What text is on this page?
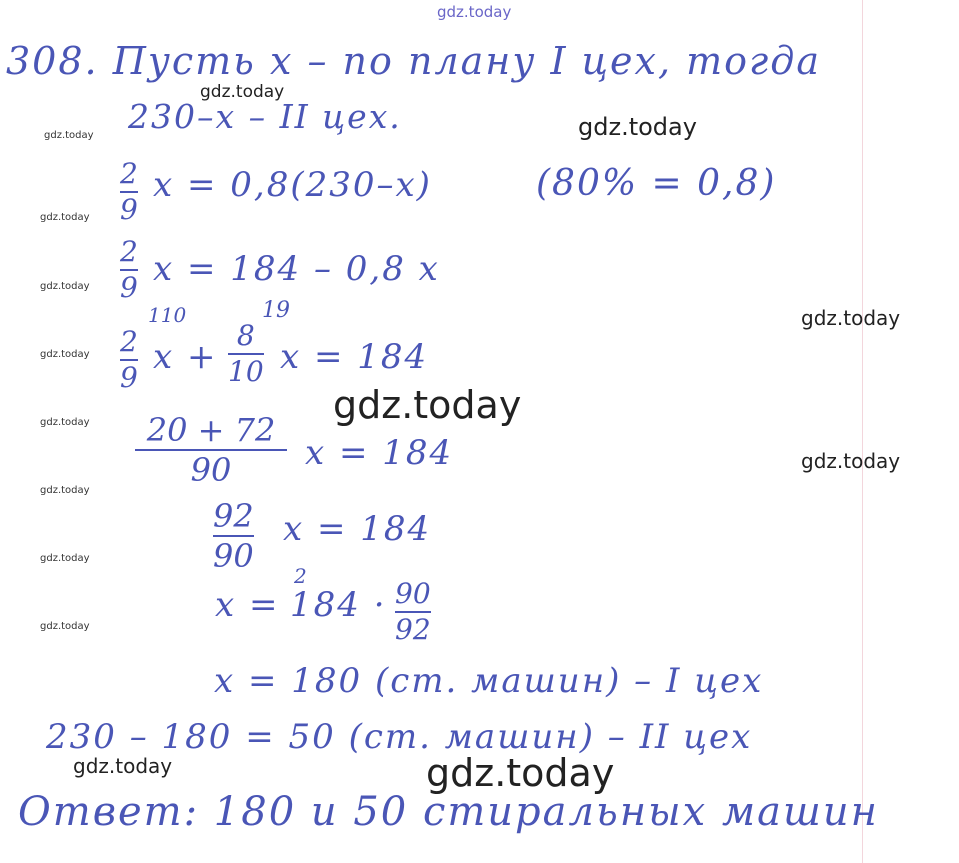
gdz.today
gdz.today
gdz.today
gdz.today
gdz.today
gdz.today
gdz.today
gdz.today
gdz.today
gdz.today
gdz.today
gdz.today
gdz.today
gdz.today
gdz.today	gdz.today
308. Пусть x – по плану I цех, тогда
230–x – II цех.
2
9
x = 0,8(230–x)	(80% = 0,8)
2
9 x = 184 – 0,8 x
110	19
2
9
x +
8
10 x = 184
20 + 72
90 x = 184
92
90
x = 184
x =
2
184 · 90
92
x = 180 (ст. машин) – I цех
230 – 180 = 50 (ст. машин) – II цех
Ответ: 180 и 50 стиральных машин
